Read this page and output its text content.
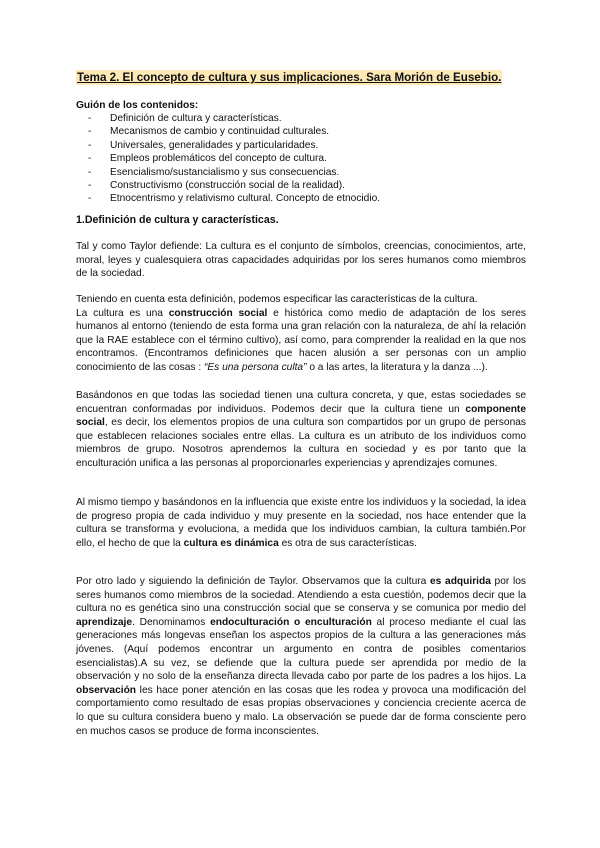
Tema 2. El concepto de cultura y sus implicaciones. Sara Morión de Eusebio.
Guión de los contenidos:
- Definición de cultura y características.
- Mecanismos de cambio y continuidad culturales.
- Universales, generalidades y particularidades.
- Empleos problemáticos del concepto de cultura.
- Esencialismo/sustancialismo y sus consecuencias.
- Constructivismo (construcción social de la realidad).
- Etnocentrismo y relativismo cultural. Concepto de etnocidio.
1.Definición de cultura y características.

Tal y como Taylor defiende: La cultura es el conjunto de símbolos, creencias, conocimientos, arte, moral, leyes y cualesquiera otras capacidades adquiridas por los seres humanos como miembros de la sociedad.

Teniendo en cuenta esta definición, podemos especificar las características de la cultura.
La cultura es una construcción social e histórica como medio de adaptación de los seres humanos al entorno (teniendo de esta forma una gran relación con la naturaleza, de ahí la relación que la RAE establece con el término cultivo), así como, para comprender la realidad en la que nos encontramos. (Encontramos definiciones que hacen alusión a ser personas con un amplio conocimiento de las cosas : “Es una persona culta” o a las artes, la literatura y la danza ...).

Basándonos en que todas las sociedad tienen una cultura concreta, y que, estas sociedades se encuentran conformadas por individuos. Podemos decir que la cultura tiene un componente social, es decir, los elementos propios de una cultura son compartidos por un grupo de personas que establecen relaciones sociales entre ellas. La cultura es un atributo de los individuos como miembros de grupo. Nosotros aprendemos la cultura en sociedad y es por tanto que la enculturación unifica a las personas al proporcionarles experiencias y aprendizajes comunes.

Al mismo tiempo y basándonos en la influencia que existe entre los individuos y la sociedad, la idea de progreso propia de cada individuo y muy presente en la sociedad, nos hace entender que la cultura se transforma y evoluciona, a medida que los individuos cambian, la cultura también.Por ello, el hecho de que la cultura es dinámica es otra de sus características.

Por otro lado y siguiendo la definición de Taylor. Observamos que la cultura es adquirida por los seres humanos como miembros de la sociedad. Atendiendo a esta cuestión, podemos decir que la cultura no es genética sino una construcción social que se conserva y se comunica por medio del aprendizaje. Denominamos endoculturación o enculturación al proceso mediante el cual las generaciones más longevas enseñan los aspectos propios de la cultura a las generaciones más jóvenes. (Aquí podemos encontrar un argumento en contra de posibles comentarios esencialistas).A su vez, se defiende que la cultura puede ser aprendida por medio de la observación y no solo de la enseñanza directa llevada cabo por parte de los padres a los hijos. La observación les hace poner atención en las cosas que les rodea y provoca una modificación del comportamiento como resultado de esas propias observaciones y conciencia creciente acerca de lo que su cultura considera bueno y malo. La observación se puede dar de forma consciente pero en muchos casos se produce de forma inconscientes.
